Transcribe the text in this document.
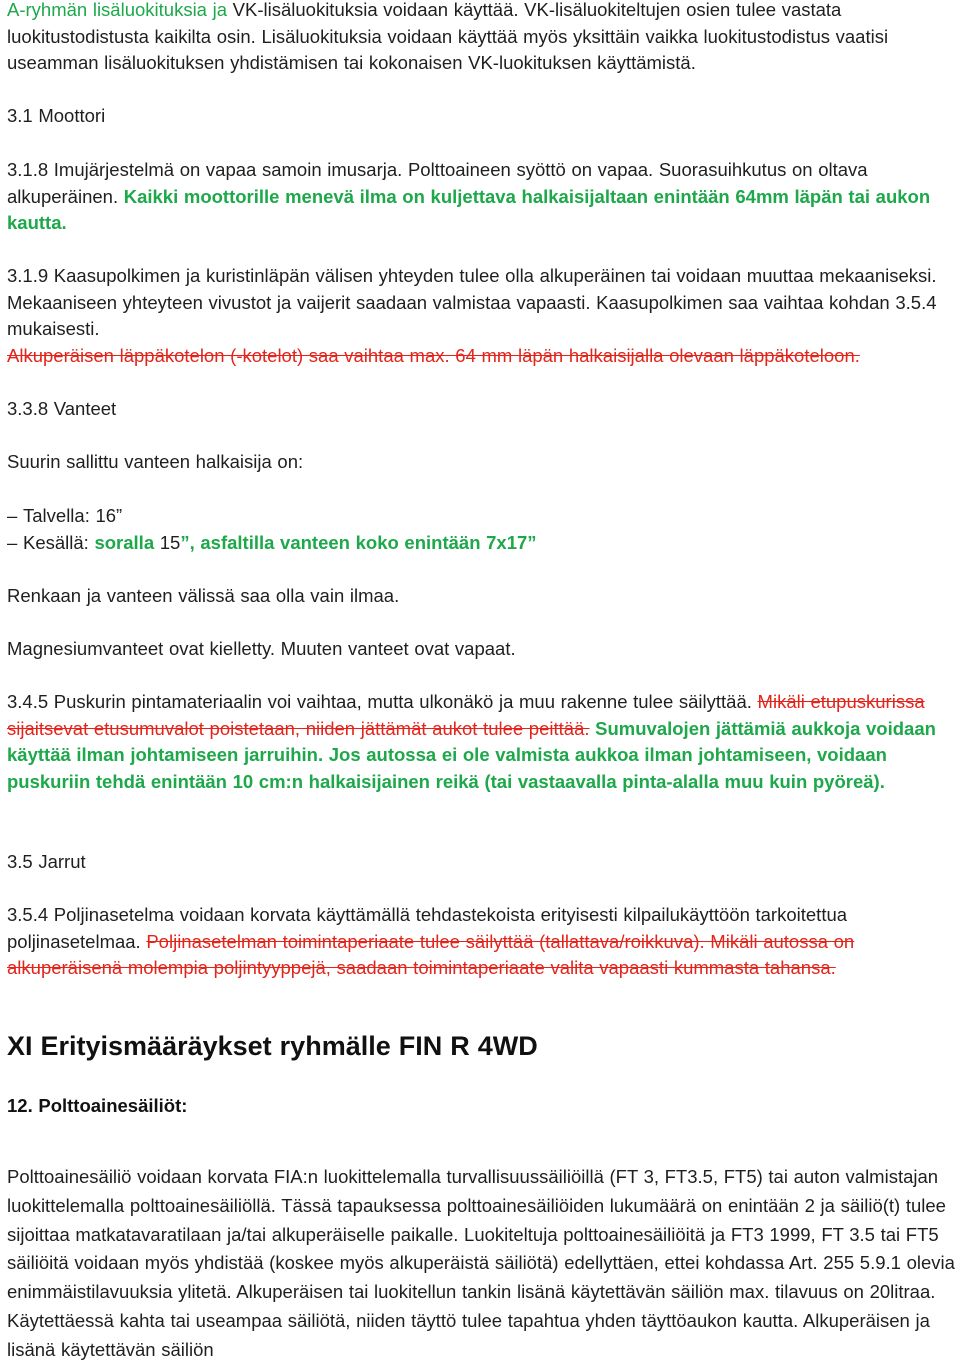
A-ryhmän lisäluokituksia ja VK-lisäluokituksia voidaan käyttää. VK-lisäluokiteltujen osien tulee vastata luokitustodistusta kaikilta osin. Lisäluokituksia voidaan käyttää myös yksittäin vaikka luokitustodistus vaatisi useamman lisäluokituksen yhdistämisen tai kokonaisen VK-luokituksen käyttämistä.

3.1 Moottori

3.1.8 Imujärjestelmä on vapaa samoin imusarja. Polttoaineen syöttö on vapaa. Suorasuihkutus on oltava alkuperäinen. Kaikki moottorille menevä ilma on kuljettava halkaisijaltaan enintään 64mm läpän tai aukon kautta.

3.1.9 Kaasupolkimen ja kuristinläpän välisen yhteyden tulee olla alkuperäinen tai voidaan muuttaa mekaaniseksi. Mekaaniseen yhteyteen vivustot ja vaijerit saadaan valmistaa vapaasti. Kaasupolkimen saa vaihtaa kohdan 3.5.4 mukaisesti.
Alkuperäisen läppäkotelon (-kotelot) saa vaihtaa max. 64 mm läpän halkaisijalla olevaan läppäkoteloon.

3.3.8 Vanteet

Suurin sallittu vanteen halkaisija on:

– Talvella: 16”

– Kesällä: soralla 15”, asfaltilla vanteen koko enintään 7x17”

Renkaan ja vanteen välissä saa olla vain ilmaa.

Magnesiumvanteet ovat kielletty. Muuten vanteet ovat vapaat.

3.4.5 Puskurin pintamateriaalin voi vaihtaa, mutta ulkonäkö ja muu rakenne tulee säilyttää. Mikäli etupuskurissa sijaitsevat etusumuvalot poistetaan, niiden jättämät aukot tulee peittää. Sumuvalojen jättämiä aukkoja voidaan käyttää ilman johtamiseen jarruihin. Jos autossa ei ole valmista aukkoa ilman johtamiseen, voidaan puskuriin tehdä enintään 10 cm:n halkaisijainen reikä (tai vastaavalla pinta-alalla muu kuin pyöreä).

3.5 Jarrut

3.5.4 Poljinasetelma voidaan korvata käyttämällä tehdastekoista erityisesti kilpailukäyttöön tarkoitettua poljinasetelmaa. Poljinasetelman toimintaperiaate tulee säilyttää (tallattava/roikkuva). Mikäli autossa on alkuperäisenä molempia poljintyyppejä, saadaan toimintaperiaate valita vapaasti kummasta tahansa.

XI Erityismääräykset ryhmälle FIN R 4WD

12. Polttoainesäiliöt:

Polttoainesäiliö voidaan korvata FIA:n luokittelemalla turvallisuussäiliöillä (FT 3, FT3.5, FT5) tai auton valmistajan luokittelemalla polttoainesäiliöllä. Tässä tapauksessa polttoainesäiliöiden lukumäärä on enintään 2 ja säiliö(t) tulee sijoittaa matkatavaratilaan ja/tai alkuperäiselle paikalle. Luokiteltuja polttoainesäiliöitä ja FT3 1999, FT 3.5 tai FT5 säiliöitä voidaan myös yhdistää (koskee myös alkuperäistä säiliötä) edellyttäen, ettei kohdassa Art. 255 5.9.1 olevia enimmäistilavuuksia ylitetä. Alkuperäisen tai luokitellun tankin lisänä käytettävän säiliön max. tilavuus on 20litraa. Käytettäessä kahta tai useampaa säiliötä, niiden täyttö tulee tapahtua yhden täyttöaukon kautta. Alkuperäisen ja lisänä käytettävän säiliön
